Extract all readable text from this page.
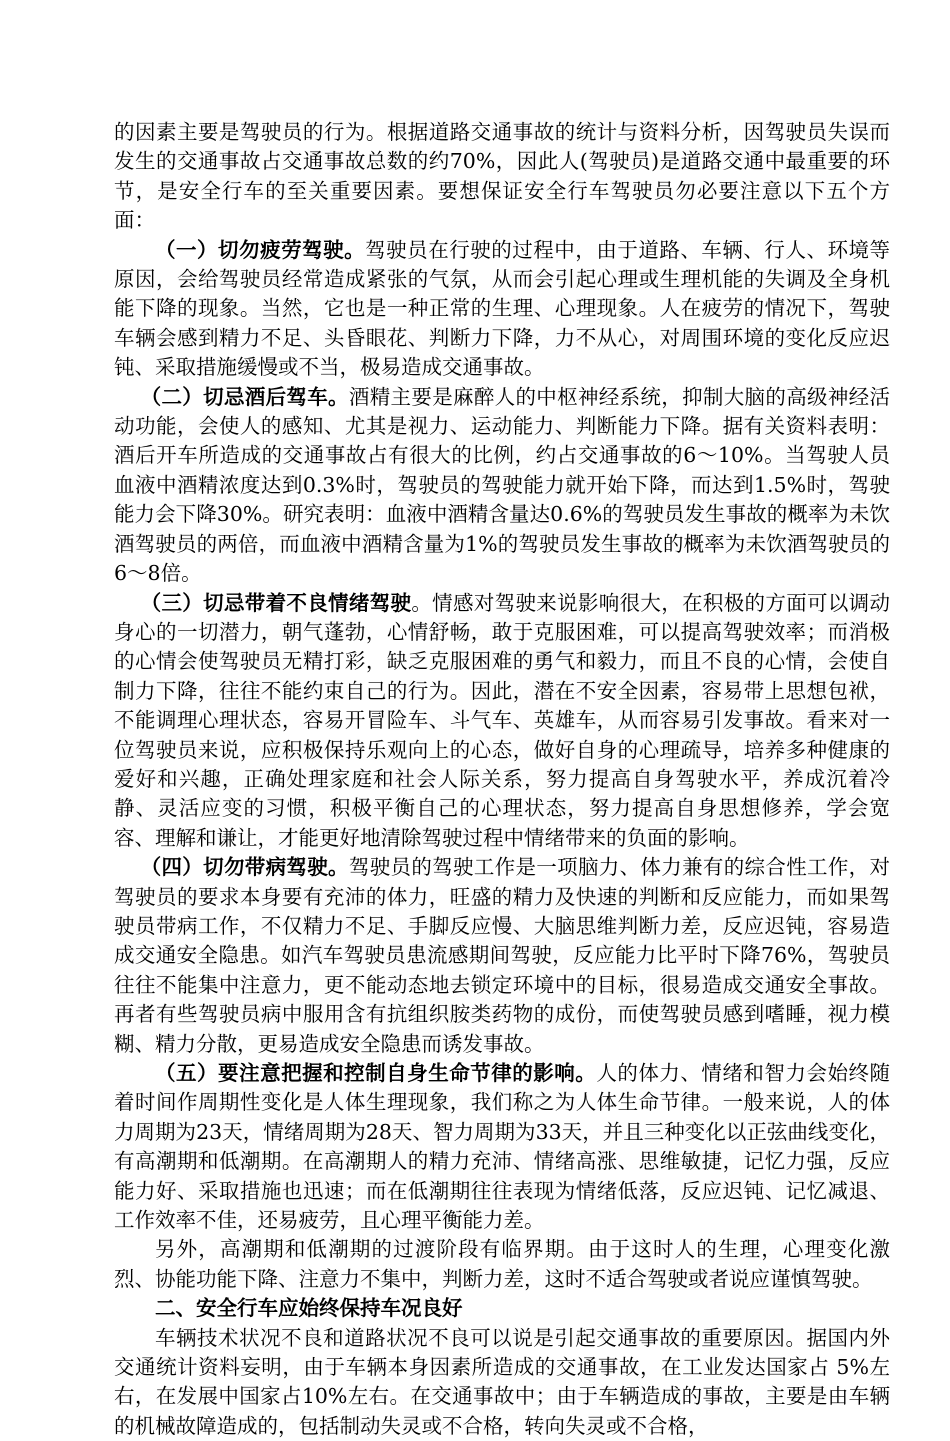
的因素主要是驾驶员的行为。根据道路交通事故的统计与资料分析，因驾驶员失误而发生的交通事故占交通事故总数的约70%，因此人(驾驶员)是道路交通中最重要的环节，是安全行车的至关重要因素。要想保证安全行车驾驶员勿必要注意以下五个方面：

（一）切勿疲劳驾驶。驾驶员在行驶的过程中，由于道路、车辆、行人、环境等原因，会给驾驶员经常造成紧张的气氛，从而会引起心理或生理机能的失调及全身机能下降的现象。当然，它也是一种正常的生理、心理现象。人在疲劳的情况下，驾驶车辆会感到精力不足、头昏眼花、判断力下降，力不从心，对周围环境的变化反应迟钝、采取措施缓慢或不当，极易造成交通事故。

（二）切忌酒后驾车。酒精主要是麻醉人的中枢神经系统，抑制大脑的高级神经活动功能，会使人的感知、尤其是视力、运动能力、判断能力下降。据有关资料表明：酒后开车所造成的交通事故占有很大的比例，约占交通事故的6～10%。当驾驶人员血液中酒精浓度达到0.3%时，驾驶员的驾驶能力就开始下降，而达到1.5%时，驾驶能力会下降30%。研究表明：血液中酒精含量达0.6%的驾驶员发生事故的概率为未饮酒驾驶员的两倍，而血液中酒精含量为1%的驾驶员发生事故的概率为未饮酒驾驶员的6～8倍。

（三）切忌带着不良情绪驾驶。情感对驾驶来说影响很大，在积极的方面可以调动身心的一切潜力，朝气蓬勃，心情舒畅，敢于克服困难，可以提高驾驶效率；而消极的心情会使驾驶员无精打彩，缺乏克服困难的勇气和毅力，而且不良的心情，会使自制力下降，往往不能约束自己的行为。因此，潜在不安全因素，容易带上思想包袱，不能调理心理状态，容易开冒险车、斗气车、英雄车，从而容易引发事故。看来对一位驾驶员来说，应积极保持乐观向上的心态，做好自身的心理疏导，培养多种健康的爱好和兴趣，正确处理家庭和社会人际关系，努力提高自身驾驶水平，养成沉着冷静、灵活应变的习惯，积极平衡自己的心理状态，努力提高自身思想修养，学会宽容、理解和谦让，才能更好地清除驾驶过程中情绪带来的负面的影响。

（四）切勿带病驾驶。驾驶员的驾驶工作是一项脑力、体力兼有的综合性工作，对驾驶员的要求本身要有充沛的体力，旺盛的精力及快速的判断和反应能力，而如果驾驶员带病工作，不仅精力不足、手脚反应慢、大脑思维判断力差，反应迟钝，容易造成交通安全隐患。如汽车驾驶员患流感期间驾驶，反应能力比平时下降76%，驾驶员往往不能集中注意力，更不能动态地去锁定环境中的目标，很易造成交通安全事故。再者有些驾驶员病中服用含有抗组织胺类药物的成份，而使驾驶员感到嗜睡，视力模糊、精力分散，更易造成安全隐患而诱发事故。

（五）要注意把握和控制自身生命节律的影响。人的体力、情绪和智力会始终随着时间作周期性变化是人体生理现象，我们称之为人体生命节律。一般来说，人的体力周期为23天，情绪周期为28天、智力周期为33天，并且三种变化以正弦曲线变化，有高潮期和低潮期。在高潮期人的精力充沛、情绪高涨、思维敏捷，记忆力强，反应能力好、采取措施也迅速；而在低潮期往往表现为情绪低落，反应迟钝、记忆减退、工作效率不佳，还易疲劳，且心理平衡能力差。

另外，高潮期和低潮期的过渡阶段有临界期。由于这时人的生理，心理变化激烈、协能功能下降、注意力不集中，判断力差，这时不适合驾驶或者说应谨慎驾驶。

二、安全行车应始终保持车况良好

车辆技术状况不良和道路状况不良可以说是引起交通事故的重要原因。据国内外交通统计资料妄明，由于车辆本身因素所造成的交通事故，在工业发达国家占 5%左右，在发展中国家占10%左右。在交通事故中；由于车辆造成的事故，主要是由车辆的机械故障造成的，包括制动失灵或不合格，转向失灵或不合格，
